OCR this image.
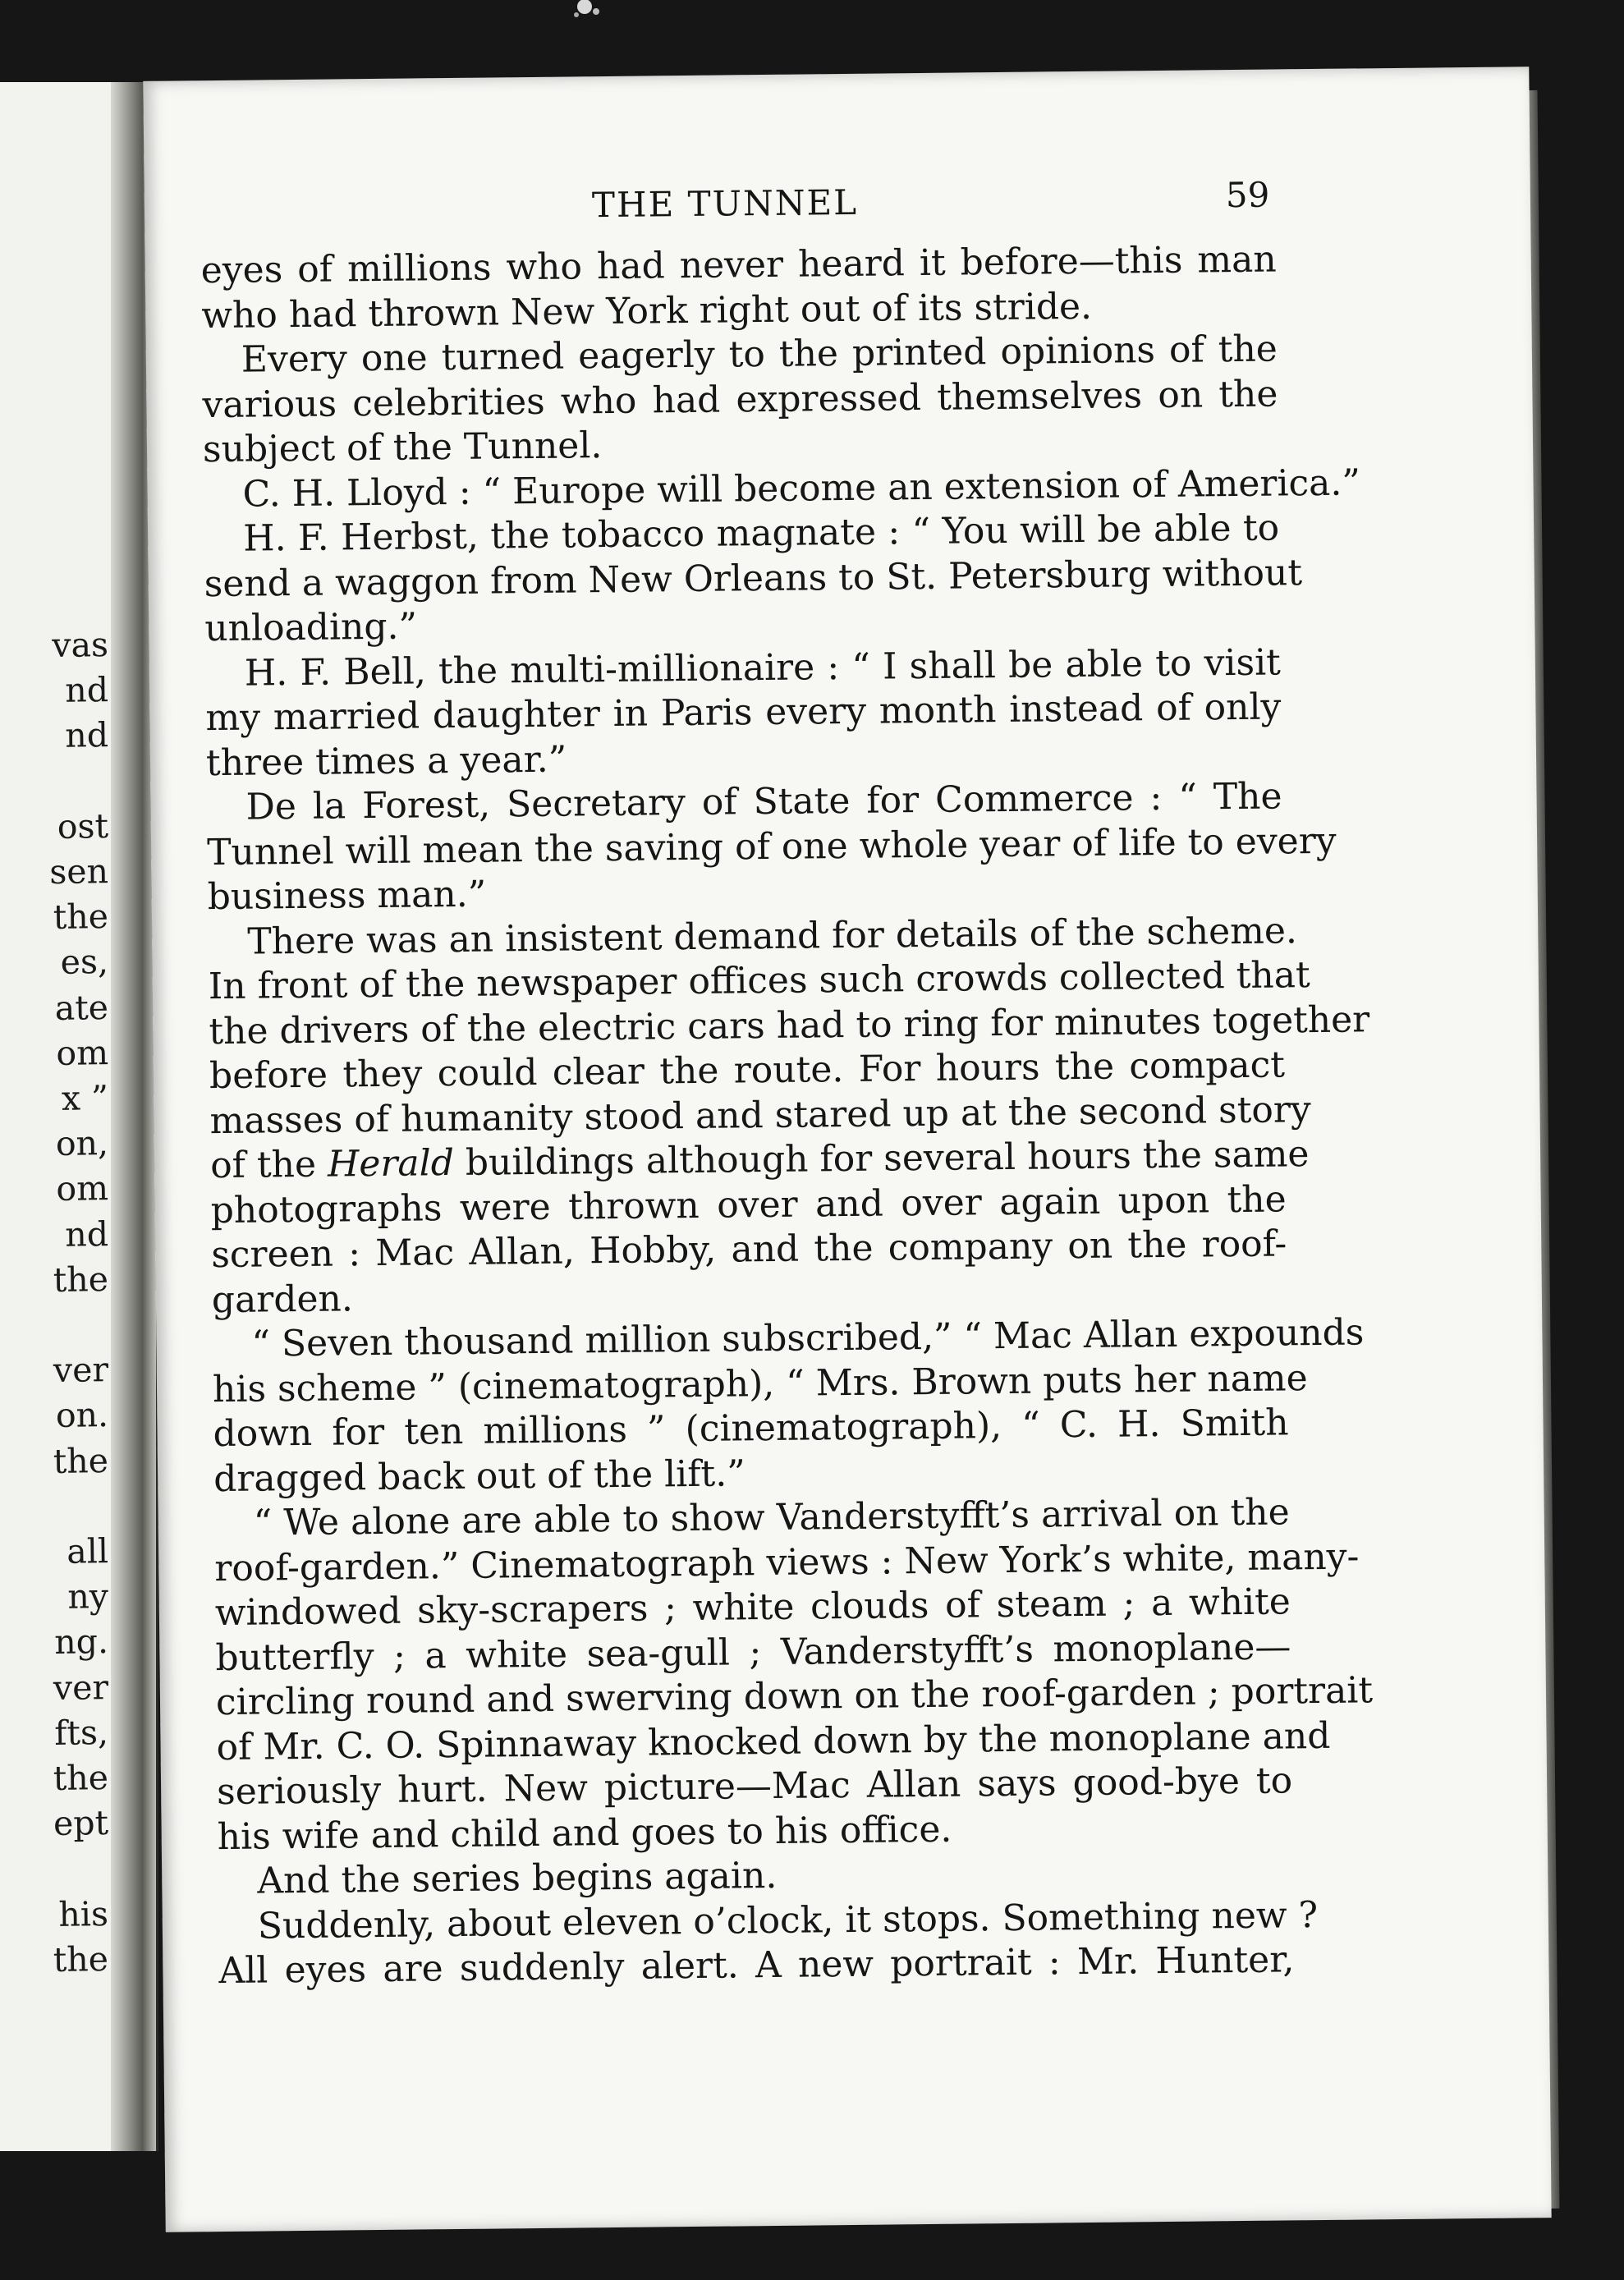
vas
nd
nd
ost
sen
the
es,
ate
om
x ”
on,
om
nd
the
ver
on.
the
all
ny
ng.
ver
fts,
the
ept
his
the
THE TUNNEL	59
eyes of millions who had never heard it before—this man
who had thrown New York right out of its stride.
Every one turned eagerly to the printed opinions of the
various celebrities who had expressed themselves on the
subject of the Tunnel.
C. H. Lloyd : “ Europe will become an extension of America.”
H. F. Herbst, the tobacco magnate : “ You will be able to
send a waggon from New Orleans to St. Petersburg without
unloading.”
H. F. Bell, the multi-millionaire : “ I shall be able to visit
my married daughter in Paris every month instead of only
three times a year.”
De la Forest, Secretary of State for Commerce : “ The
Tunnel will mean the saving of one whole year of life to every
business man.”
There was an insistent demand for details of the scheme.
In front of the newspaper offices such crowds collected that
the drivers of the electric cars had to ring for minutes together
before they could clear the route. For hours the compact
masses of humanity stood and stared up at the second story
of the Herald buildings although for several hours the same
photographs were thrown over and over again upon the
screen : Mac Allan, Hobby, and the company on the roof-
garden.
“ Seven thousand million subscribed,” “ Mac Allan expounds
his scheme ” (cinematograph), “ Mrs. Brown puts her name
down for ten millions ” (cinematograph), “ C. H. Smith
dragged back out of the lift.”
“ We alone are able to show Vanderstyfft’s arrival on the
roof-garden.” Cinematograph views : New York’s white, many-
windowed sky-scrapers ; white clouds of steam ; a white
butterfly ; a white sea-gull ; Vanderstyfft’s monoplane—
circling round and swerving down on the roof-garden ; portrait
of Mr. C. O. Spinnaway knocked down by the monoplane and
seriously hurt. New picture—Mac Allan says good-bye to
his wife and child and goes to his office.
And the series begins again.
Suddenly, about eleven o’clock, it stops. Something new ?
All eyes are suddenly alert. A new portrait : Mr. Hunter,
